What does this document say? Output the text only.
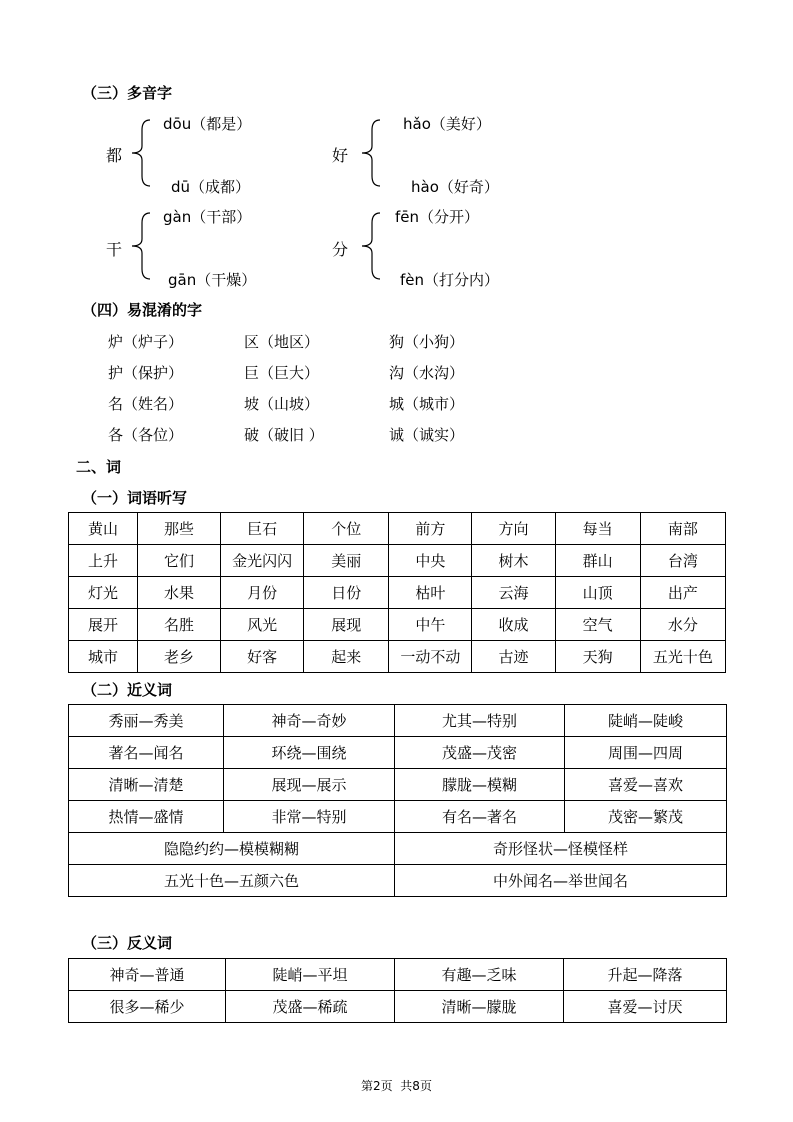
（三）多音字
都
dōu（都是）
dū（成都）
好
hǎo（美好）
hào（好奇）
干
gàn（干部）
gān（干燥）
分
fēn（分开）
fèn（打分内）
（四）易混淆的字
炉（炉子）	区（地区）	狗（小狗）
护（保护）	巨（巨大）	沟（水沟）
名（姓名）	坡（山坡）	城（城市）
各（各位）	破（破旧 ）	诚（诚实）
二、词
（一）词语听写
黄山	那些	巨石	个位	前方	方向	每当	南部
上升	它们	金光闪闪	美丽	中央	树木	群山	台湾
灯光	水果	月份	日份	枯叶	云海	山顶	出产
展开	名胜	风光	展现	中午	收成	空气	水分
城市	老乡	好客	起来	一动不动	古迹	天狗	五光十色
（二）近义词
秀丽—秀美	神奇—奇妙	尤其—特别	陡峭—陡峻
著名—闻名	环绕—围绕	茂盛—茂密	周围—四周
清晰—清楚	展现—展示	朦胧—模糊	喜爱—喜欢
热情—盛情	非常—特别	有名—著名	茂密—繁茂
隐隐约约—模模糊糊		奇形怪状—怪模怪样	
五光十色—五颜六色		中外闻名—举世闻名	
（三）反义词
神奇—普通	陡峭—平坦	有趣—乏味	升起—降落
很多—稀少	茂盛—稀疏	清晰—朦胧	喜爱—讨厌
第2页  共8页
